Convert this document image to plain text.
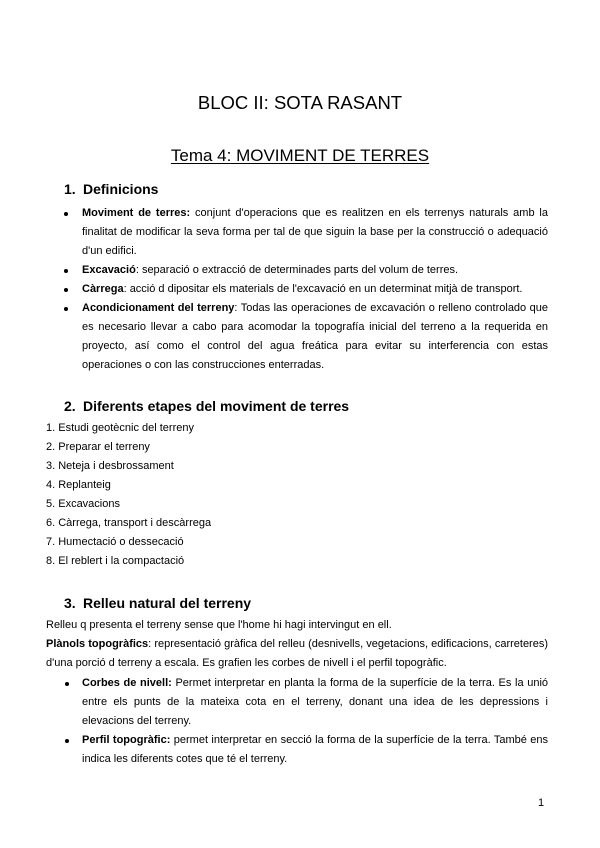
BLOC II: SOTA RASANT
Tema 4: MOVIMENT DE TERRES
1. Definicions

Moviment de terres: conjunt d'operacions que es realitzen en els terrenys naturals amb la finalitat de modificar la seva forma per tal de que siguin la base per la construcció o adequació d'un edifici.

Excavació: separació o extracció de determinades parts del volum de terres.

Càrrega: acció d dipositar els materials de l'excavació en un determinat mitjà de transport.

Acondicionament del terreny: Todas las operaciones de excavación o relleno controlado que es necesario llevar a cabo para acomodar la topografía inicial del terreno a la requerida en proyecto, así como el control del agua freática para evitar su interferencia con estas operaciones o con las construcciones enterradas.

2. Diferents etapes del moviment de terres
1. Estudi geotècnic del terreny
2. Preparar el terreny
3. Neteja i desbrossament
4. Replanteig
5. Excavacions
6. Càrrega, transport i descàrrega
7. Humectació o dessecació
8. El reblert i la compactació
3. Relleu natural del terreny

Relleu q presenta el terreny sense que l'home hi hagi intervingut en ell.

Plànols topogràfics: representació gràfica del relleu (desnivells, vegetacions, edificacions, carreteres) d'una porció d terreny a escala. Es grafien les corbes de nivell i el perfil topogràfic.

Corbes de nivell: Permet interpretar en planta la forma de la superfície de la terra. Es la unió entre els punts de la mateixa cota en el terreny, donant una idea de les depressions i elevacions del terreny.

Perfil topogràfic: permet interpretar en secció la forma de la superfície de la terra. També ens indica les diferents cotes que té el terreny.

1
